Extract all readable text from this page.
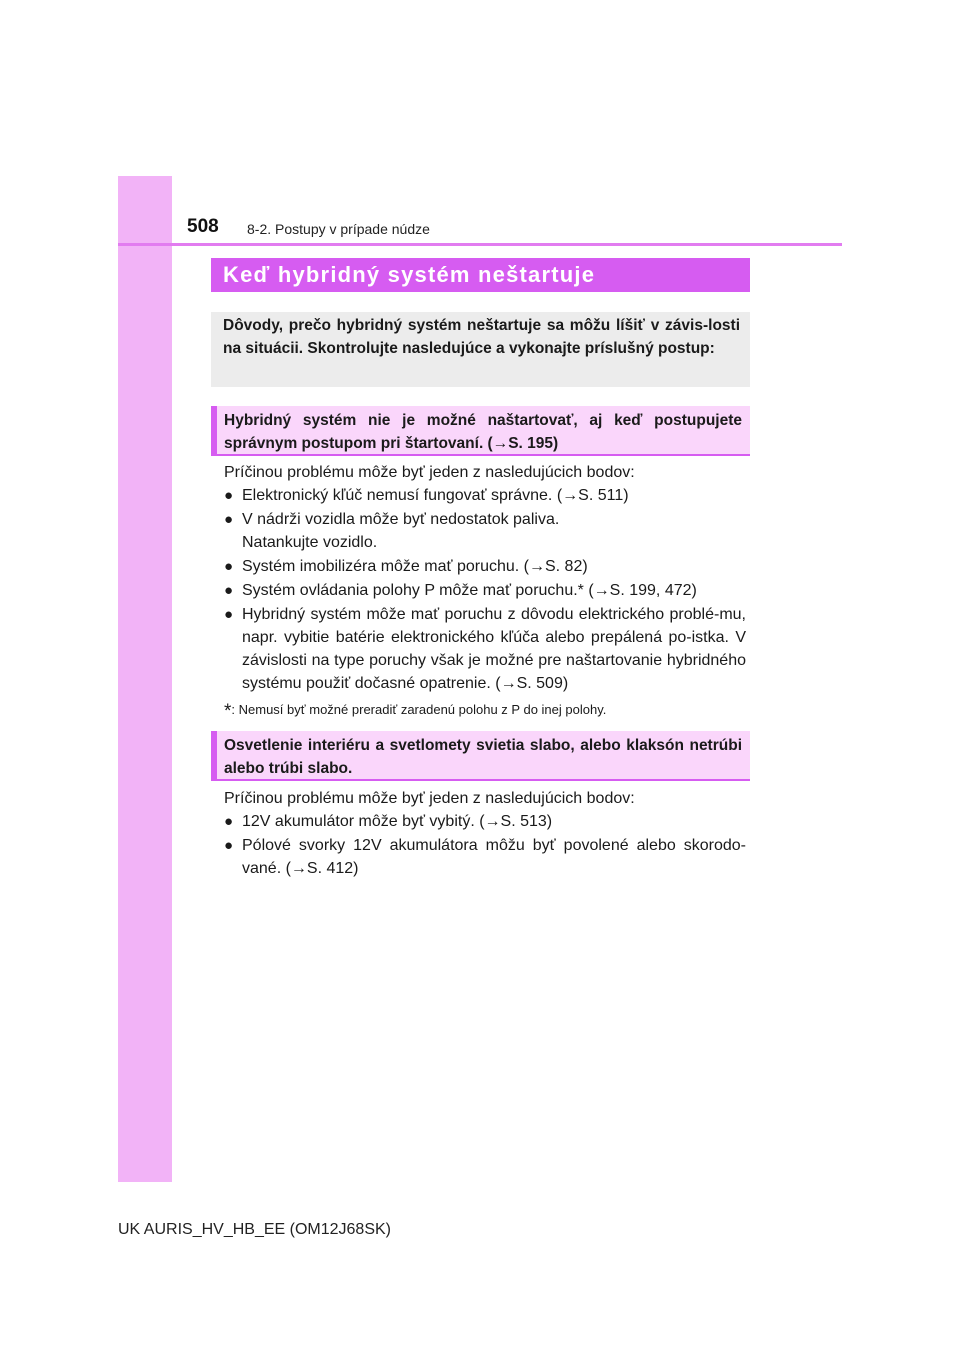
508 8-2. Postupy v prípade núdze
Keď hybridný systém neštartuje
Dôvody, prečo hybridný systém neštartuje sa môžu líšiť v závis-losti na situácii. Skontrolujte nasledujúce a vykonajte príslušný postup:
Hybridný systém nie je možné naštartovať, aj keď postupujete správnym postupom pri štartovaní. (→S. 195)
Príčinou problému môže byť jeden z nasledujúcich bodov:
● Elektronický kľúč nemusí fungovať správne. (→S. 511)
● V nádrži vozidla môže byť nedostatok paliva.
Natankujte vozidlo.
● Systém imobilizéra môže mať poruchu. (→S. 82)
● Systém ovládania polohy P môže mať poruchu.* (→S. 199, 472)
● Hybridný systém môže mať poruchu z dôvodu elektrického problé-mu, napr. vybitie batérie elektronického kľúča alebo prepálená po-istka. V závislosti na type poruchy však je možné pre naštartovanie hybridného systému použiť dočasné opatrenie. (→S. 509)
*: Nemusí byť možné preradiť zaradenú polohu z P do inej polohy.
Osvetlenie interiéru a svetlomety svietia slabo, alebo klaksón netrúbi alebo trúbi slabo.
Príčinou problému môže byť jeden z nasledujúcich bodov:
● 12V akumulátor môže byť vybitý. (→S. 513)
● Pólové svorky 12V akumulátora môžu byť povolené alebo skorodo-vané. (→S. 412)
UK AURIS_HV_HB_EE (OM12J68SK)
